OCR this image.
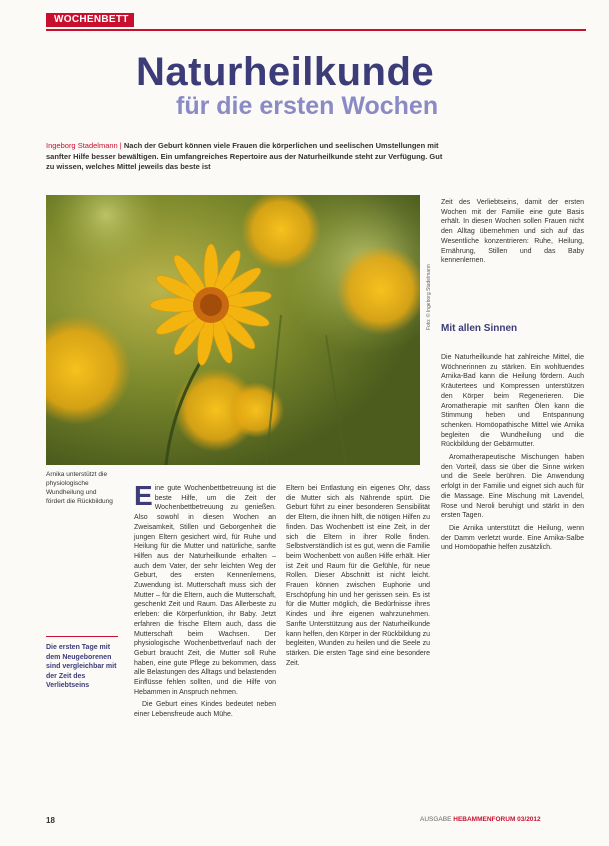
WOCHENBETT
Naturheilkunde
für die ersten Wochen
Ingeborg Stadelmann | Nach der Geburt können viele Frauen die körperlichen und seelischen Umstellungen mit sanfter Hilfe besser bewältigen. Ein umfangreiches Repertoire aus der Naturheilkunde steht zur Verfügung. Gut zu wissen, welches Mittel jeweils das beste ist
Foto: © Ingeborg Stadelmann
Arnika unterstützt die physiologische Wundheilung und fördert die Rückbildung
Die ersten Tage mit dem Neugeborenen sind vergleichbar mit der Zeit des Verliebtseins

Eine gute Wochenbettbetreuung ist die beste Hilfe, um die Zeit der Wochenbettbetreuung zu genießen. Also sowohl in diesen Wochen an Zweisamkeit, Stillen und Geborgenheit die jungen Eltern gesichert wird, für Ruhe und Heilung für die Mutter und natürliche, sanfte Hilfen aus der Naturheilkunde erhalten – auch dem Vater, der sehr leichten Weg der Geburt, des ersten Kennenlernens, Zuwendung ist. Mutterschaft muss sich der Mutter – für die Eltern, auch die Mutterschaft, geschenkt Zeit und Raum. Das Allerbeste zu erleben: die Körperfunktion, ihr Baby. Jetzt erfahren die frische Eltern auch, dass die Mutterschaft beim Wachsen. Der physiologische Wochenbettverlauf nach der Geburt braucht Zeit, die Mutter soll Ruhe haben, eine gute Pflege zu bekommen, dass alle Belastungen des Alltags und belastenden Einflüsse fehlen sollten, und die Hilfe von Hebammen in Anspruch nehmen.

Die Geburt eines Kindes bedeutet neben einer Lebensfreude auch Mühe.

Eltern bei Entlastung ein eigenes Ohr, dass die Mutter sich als Nährende spürt. Die Geburt führt zu einer besonderen Sensibilität der Eltern, die ihnen hilft, die nötigen Hilfen zu finden. Das Wochenbett ist eine Zeit, in der sich die Eltern in ihrer Rolle finden. Selbstverständlich ist es gut, wenn die Familie beim Wochenbett von außen Hilfe erhält. Hier ist Zeit und Raum für die Gefühle, für neue Rollen. Dieser Abschnitt ist nicht leicht. Frauen können zwischen Euphorie und Erschöpfung hin und her gerissen sein. Es ist für die Mutter möglich, die Bedürfnisse ihres Kindes und ihre eigenen wahrzunehmen. Sanfte Unterstützung aus der Naturheilkunde kann helfen, den Körper in der Rückbildung zu begleiten, Wunden zu heilen und die Seele zu stärken. Die ersten Tage sind eine besondere Zeit.

Zeit des Verliebtseins, damit der ersten Wochen mit der Familie eine gute Basis erhält. In diesen Wochen sollen Frauen nicht den Alltag übernehmen und sich auf das Wesentliche konzentrieren: Ruhe, Heilung, Ernährung, Stillen und das Baby kennenlernen.

Mit allen Sinnen

Die Naturheilkunde hat zahlreiche Mittel, die Wöchnerinnen zu stärken. Ein wohltuendes Arnika-Bad kann die Heilung fördern. Auch Kräutertees und Kompressen unterstützen den Körper beim Regenerieren. Die Aromatherapie mit sanften Ölen kann die Stimmung heben und Entspannung schenken. Homöopathische Mittel wie Arnika begleiten die Wundheilung und die Rückbildung der Gebärmutter.

Aromatherapeutische Mischungen haben den Vorteil, dass sie über die Sinne wirken und die Seele berühren. Die Anwendung erfolgt in der Familie und eignet sich auch für die Massage. Eine Mischung mit Lavendel, Rose und Neroli beruhigt und stärkt in den ersten Tagen.

Die Arnika unterstützt die Heilung, wenn der Damm verletzt wurde. Eine Arnika-Salbe und Homöopathie helfen zusätzlich.

18	AUSGABE HEBAMMENFORUM 03/2012
